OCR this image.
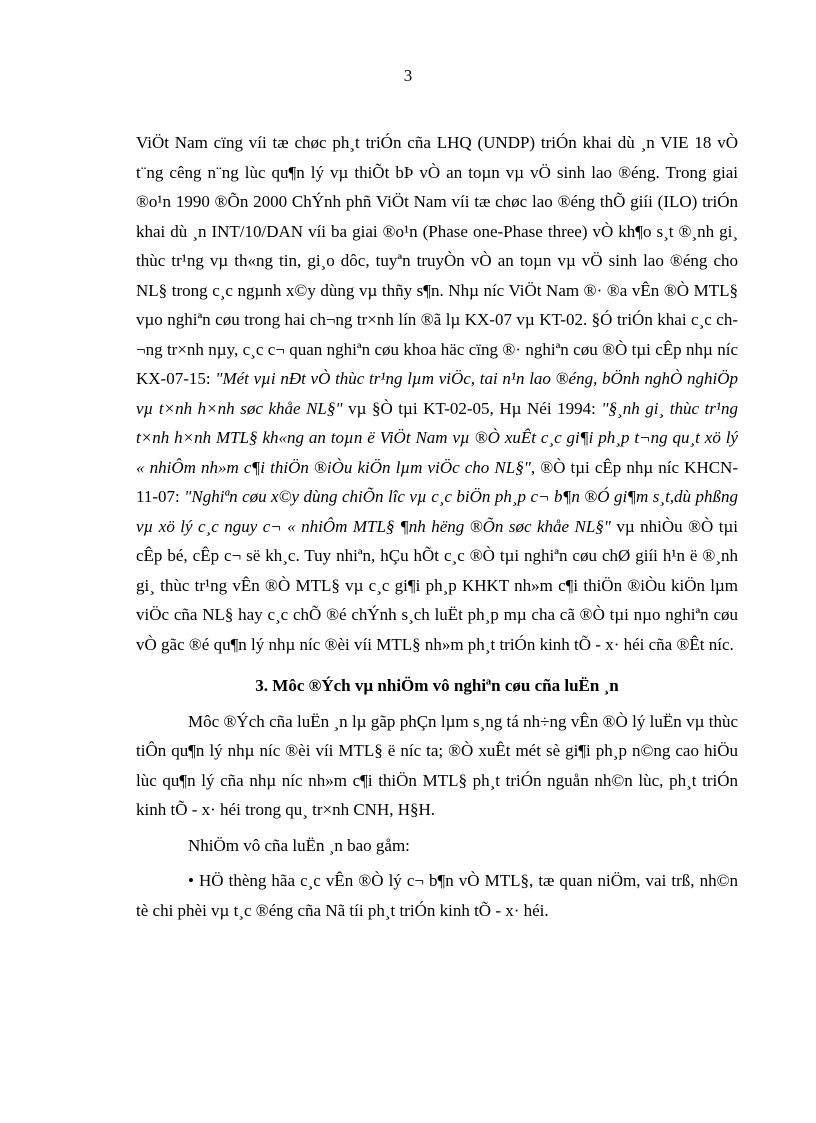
3

ViÖt Nam cïng víi tæ chøc ph¸t triÓn cña LHQ (UNDP) triÓn khai dù ¸n VIE 18 vÒ t¨ng cêng n¨ng lùc qu¶n lý vµ thiÕt bÞ vÒ an toµn vµ vÖ sinh lao ®éng. Trong giai ®o¹n 1990 ®Õn 2000 ChÝnh phñ ViÖt Nam víi tæ chøc lao ®éng thÕ giíi (ILO) triÓn khai dù ¸n INT/10/DAN víi ba giai ®o¹n (Phase one-Phase three) vÒ kh¶o s¸t ®¸nh gi¸ thùc tr¹ng vµ th«ng tin, gi¸o dôc, tuyªn truyÒn vÒ an toµn vµ vÖ sinh lao ®éng cho NL§ trong c¸c ngµnh x©y dùng vµ thñy s¶n. Nhµ níc ViÖt Nam ®· ®a vÊn ®Ò MTL§ vµo nghiªn cøu trong hai ch¬ng tr×nh lín ®ã lµ KX-07 vµ KT-02. §Ó triÓn khai c¸c ch¬ng tr×nh nµy, c¸c c¬ quan nghiªn cøu khoa häc cïng ®· nghiªn cøu ®Ò tµi cÊp nhµ níc KX-07-15: "Mét vµi nÐt vÒ thùc tr¹ng lµm viÖc, tai n¹n lao ®éng, bÖnh nghÒ nghiÖp vµ t×nh h×nh søc khåe NL§" vµ §Ò tµi KT-02-05, Hµ Néi 1994: "§¸nh gi¸ thùc tr¹ng t×nh h×nh MTL§ kh«ng an toµn ë ViÖt Nam vµ ®Ò xuÊt c¸c gi¶i ph¸p t¬ng qu¸t xö lý « nhiÔm nh»m c¶i thiÖn ®iÒu kiÖn lµm viÖc cho NL§", ®Ò tµi cÊp nhµ níc KHCN-11-07: "Nghiªn cøu x©y dùng chiÕn lîc vµ c¸c biÖn ph¸p c¬ b¶n ®Ó gi¶m s¸t,dù phßng vµ xö lý c¸c nguy c¬ « nhiÔm MTL§ ¶nh hëng ®Õn søc khåe NL§" vµ nhiÒu ®Ò tµi cÊp bé, cÊp c¬ së kh¸c. Tuy nhiªn, hÇu hÕt c¸c ®Ò tµi nghiªn cøu chØ giíi h¹n ë ®¸nh gi¸ thùc tr¹ng vÊn ®Ò MTL§ vµ c¸c gi¶i ph¸p KHKT nh»m c¶i thiÖn ®iÒu kiÖn lµm viÖc cña NL§ hay c¸c chÕ ®é chÝnh s¸ch luËt ph¸p mµ cha cã ®Ò tµi nµo nghiªn cøu vÒ gãc ®é qu¶n lý nhµ níc ®èi víi MTL§ nh»m ph¸t triÓn kinh tÕ - x· héi cña ®Êt níc.

3. Môc ®Ých vµ nhiÖm vô nghiªn cøu cña luËn ¸n

Môc ®Ých cña luËn ¸n lµ gãp phÇn lµm s¸ng tá nh÷ng vÊn ®Ò lý luËn vµ thùc tiÔn qu¶n lý nhµ níc ®èi víi MTL§ ë níc ta; ®Ò xuÊt mét sè gi¶i ph¸p n©ng cao hiÖu lùc qu¶n lý cña nhµ níc nh»m c¶i thiÖn MTL§ ph¸t triÓn nguån nh©n lùc, ph¸t triÓn kinh tÕ - x· héi trong qu¸ tr×nh CNH, H§H.

NhiÖm vô cña luËn ¸n bao gåm:

• HÖ thèng hãa c¸c vÊn ®Ò lý c¬ b¶n vÒ MTL§, tæ quan niÖm, vai trß, nh©n tè chi phèi vµ t¸c ®éng cña Nã tíi ph¸t triÓn kinh tÕ - x· héi.
